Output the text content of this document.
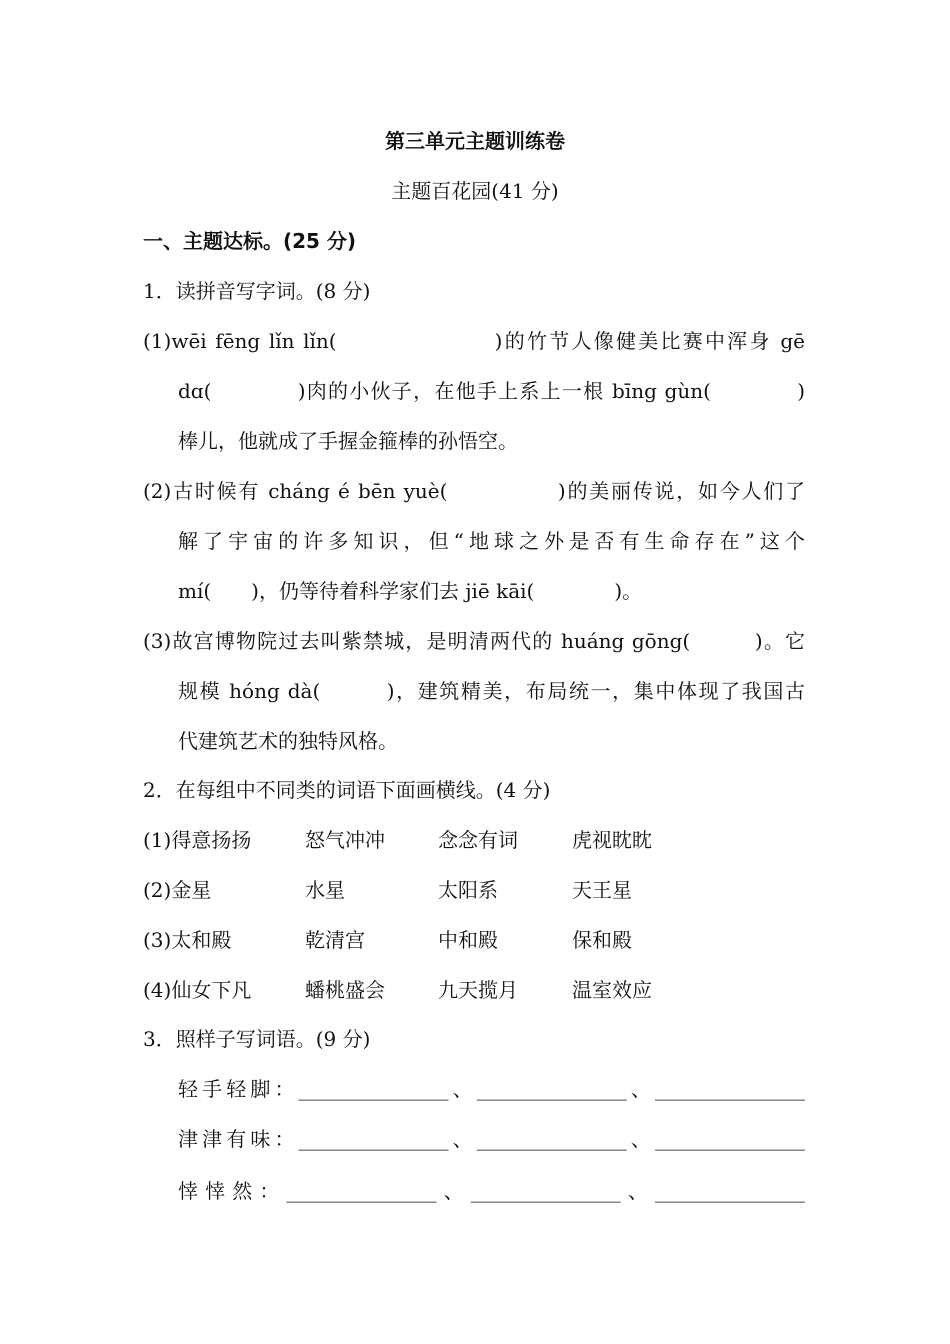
第三单元主题训练卷
主题百花园(41 分)
一、主题达标。(25 分)
1．读拼音写字词。(8 分)
(1)wēi fēng lǐn lǐn(　　　　　　　)的竹节人像健美比赛中浑身 gē
dɑ(　　　　)肉的小伙子，在他手上系上一根 bīng gùn(　　　　)
棒儿，他就成了手握金箍棒的孙悟空。
(2)古时候有 cháng é bēn yuè(　　　　　)的美丽传说，如今人们了
解了宇宙的许多知识，但“地球之外是否有生命存在”这个
mí(　　)，仍等待着科学家们去 jiē kāi(　　　　)。
(3)故宫博物院过去叫紫禁城，是明清两代的 huáng gōng(　　　)。它
规模 hóng dà(　　　)，建筑精美，布局统一，集中体现了我国古
代建筑艺术的独特风格。
2．在每组中不同类的词语下面画横线。(4 分)
(1)得意扬扬	怒气冲冲	念念有词	虎视眈眈
(2)金星	水星	太阳系	天王星
(3)太和殿	乾清宫	中和殿	保和殿
(4)仙女下凡	蟠桃盛会	九天揽月	温室效应
3．照样子写词语。(9 分)
轻手轻脚：_______________、_______________、_______________
津津有味：_______________、_______________、_______________
悻悻然：_______________、_______________、_______________
